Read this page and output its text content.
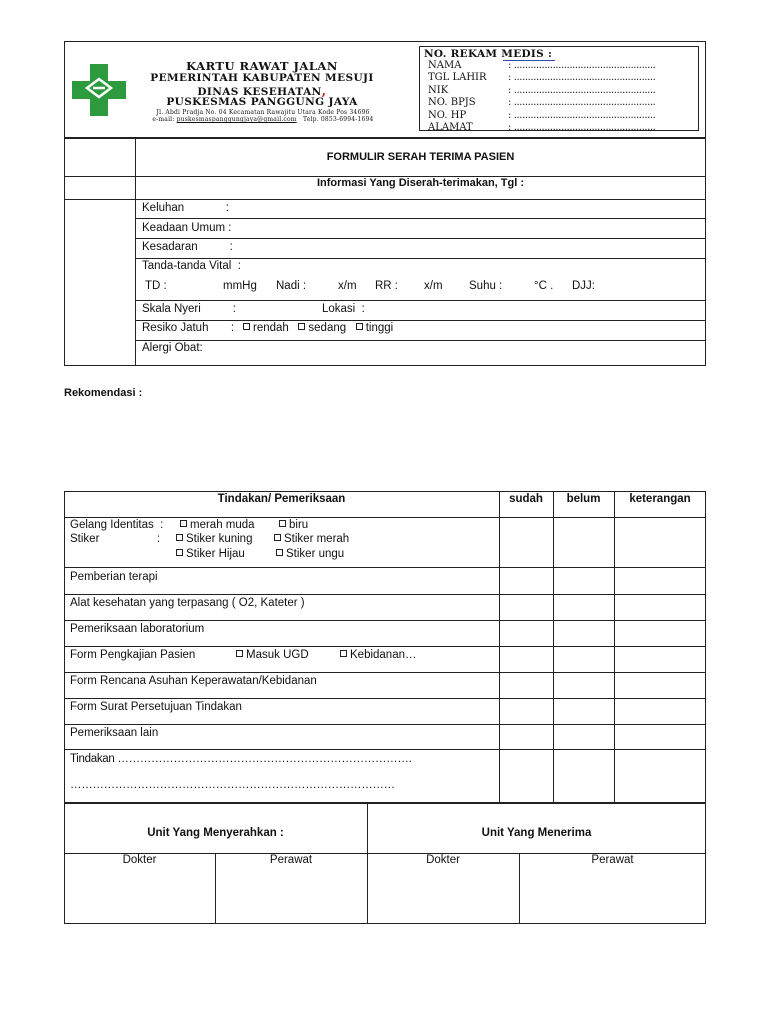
KARTU RAWAT JALAN
PEMERINTAH KABUPATEN MESUJI
DINAS KESEHATAN,
PUSKESMAS PANGGUNG JAYA
Jl. Abdi Pradja No. 04 Kecamatan Rawajitu Utara Kode Pos 34696
e-mail: puskesmaspanggungjaya@gmail.com Telp. 0853-6994-1694
NO. REKAM MEDIS :
NAMA	: ...................................................
TGL LAHIR : ...................................................
NIK	: ...................................................
NO. BPJS	: ...................................................
NO. HP	: ...................................................
ALAMAT	: ...................................................
FORMULIR SERAH TERIMA PASIEN
Informasi Yang Diserah-terimakan, Tgl :
Keluhan             :
Keadaan Umum :
Kesadaran          :
Tanda-tanda Vital  :
TD :	mmHg Nadi :	x/m RR : x/m Suhu :	°C . DJJ:
Skala Nyeri          :	Lokasi  :
Resiko Jatuh       :	rendah sedang tinggi
Alergi Obat:
Rekomendasi :
Tindakan/ Pemeriksaan	sudah	belum	keterangan
Gelang Identitas  :	merah muda	biru
Stiker                  :	Stiker kuning	Stiker merah
Stiker Hijau	Stiker ungu
Pemberian terapi
Alat kesehatan yang terpasang ( O2, Kateter )
Pemeriksaan laboratorium
Form Pengkajian Pasien	Masuk UGD	Kebidanan…
Form Rencana Asuhan Keperawatan/Kebidanan
Form Surat Persetujuan Tindakan
Pemeriksaan lain
Tindakan …………………………………………………………………….
……………………………………………………………………………
Unit Yang Menyerahkan :	Unit Yang Menerima
Dokter	Perawat	Dokter	Perawat
